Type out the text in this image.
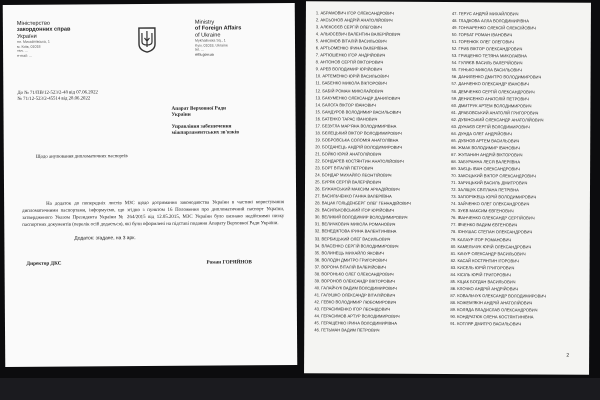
Міністерство
закордонних справ
України
пл. Михайлівська, 1
м. Київ, 01018
тел. ...
e-mail: ...
Ministry
of Foreign Affairs
of Ukraine
Mykhailivska Sq., 1
Kyiv, 01018, Ukraine
tel. ...
mfa.gov.ua
До № 71/ПВ/12-523/2-48 від 07.06.2022
№ 71/12-523/2-45514 від 28.06.2022
Апарат Верховної Ради
України
Управління забезпечення
міжпарламентських зв'язків
Щодо анулювання дипломатичних паспортів

На додаток до попередніх листів МЗС щодо дотримання законодавства України в частині користування дипломатичними паспортами, інформуємо, що згідно з пунктом 16 Положення про дипломатичний паспорт України, затвердженого Указом Президента України № 264/2015 від 12.05.2015, МЗС України було визнано недійсними низку паспортних документів (перелік осіб додається), які були оформлені на підставі подання Апарату Верховної Ради України.

Додаток: згадане, на 3 арк.
Директор ДКС	Роман ГОРЯЙНОВ
1. АБРАМОВИЧ ІГОР ОЛЕКСАНДРОВИЧ
2. АКСЬОНОВ АНДРІЙ АНАТОЛІЙОВИЧ
3. АЛЄКСЄЄВ СЕРГІЙ ОЛЕГОВИЧ
4. АЛЬЮСЕВИЧ ВАЛЕНТИН ВАЛЕРІЙОВИЧ
5. АНІСІМОВ ВІТАЛІЙ ВАСИЛЬОВИЧ
6. АРТЬОМЕНКО ІРИНА ВАЛЕРІЇВНА
7. АРТЮШЕНКО ІГОР АНДРІЙОВИЧ
8. АНТОНОВ СЕРГІЙ ВІКТОРОВИЧ
9. АРЕВ ВОЛОДИМИР ЮРІЙОВИЧ
10. АРТЕМЕНКО ЮРІЙ ВАСИЛЬОВИЧ
11. БАБЕНКО МИКОЛА ВІКТОРОВИЧ
12. БАБІЙ РОМАН МИКОЛАЙОВИЧ
13. БАКУМЕНКО ОЛЕКСАНДР ДАНИЛОВИЧ
14. БАЛОГА ВІКТОР ІВАНОВИЧ
15. БАНДУРОВ ВОЛОДИМИР ВАСИЛЬОВИЧ
16. БАТЕНКО ТАРАС ІВАНОВИЧ
17. БЕЗУГЛА МАР'ЯНА ВОЛОДИМИРІВНА
18. БЄЛЕЦЬКИЙ ВІКТОР ВОЛОДИМИРОВИЧ
19. БОБРОВСЬКА СОЛОМІЯ АНАТОЛІЇВНА
20. БОГДАНЕЦЬ АНДРІЙ ВОЛОДИМИРОВИЧ
21. БОЙКО ЮРІЙ АНАТОЛІЙОВИЧ
22. БОНДАРЕВ КОСТЯНТИН АНАТОЛІЙОВИЧ
23. БОРТ ВІТАЛІЙ ПЕТРОВИЧ
24. БОНДАР МИХАЙЛО ЛЕОНТІЙОВИЧ
25. БУРЯК СЕРГІЙ ВАЛЕРІЙОВИЧ
26. БУЖАНСЬКИЙ МАКСИМ АРКАДІЙОВИЧ
27. ВАСИЛЬЧЕНКО ГАННА ВАЛЕРІЇВНА
28. ВАЦАК ГОЛЬДЕНБЕРГ ОЛЕГ ГЕННАДІЙОВИЧ
29. ВАСИЛЬКОВСЬКИЙ ІГОР ЮРІЙОВИЧ
30. ВЕЛИКИЙ ВОЛОДИМИР ВОЛОДИМИРОВИЧ
31. ВЕЛИЧКОВИЧ МИКОЛА РОМАНОВИЧ
32. ВЕНЕДІКТОВА ІРИНА ВАЛЕНТИНІВНА
33. ВЕРБИЦЬКИЙ ОЛЕГ ВАСИЛЬОВИЧ
34. ВЛАСЕНКО СЕРГІЙ ВОЛОДИМИРОВИЧ
35. ВОЛИНЕЦЬ МИХАЙЛО ЯКОВИЧ
36. ВОЛОДІН ДМИТРО ГРИГОРОВИЧ
37. ВОРОНА ВІТАЛІЙ ВАЛЕРІЙОВИЧ
38. ВОРОНЬКО ОЛЕГ ОЛЕКСАНДРОВИЧ
39. ВОРОНОВ ОЛЕКСАНДР ВІКТОРОВИЧ
40. ГАЛАЙЧУК ВАДИМ ВОЛОДИМИРОВИЧ
41. ГАЛУШКО ОЛЕКСАНДР ВІТАЛІЙОВИЧ
42. ГЕВКО ВОЛОДИМИР ЛЮБОМИРОВИЧ
43. ГЕРАСИМЕНКО ІГОР ЛЕОНІДОВИЧ
44. ГЕРАСИМОВ АРТУР ВОЛОДИМИРОВИЧ
45. ГЕРАЩЕНКО ІРИНА ВОЛОДИМИРІВНА
46. ГЕТЬМАН ВАДИМ ПЕТРОВИЧ
47. ГЕРУС АНДРІЙ МИХАЙЛОВИЧ
48. ГЛАДКОВА АЛЛА ВОЛОДИМИРІВНА
49. ГОНЧАРЕНКО ОЛЕКСІЙ ОЛЕКСІЙОВИЧ
50. ГОРБАТ РОМАН ІВАНОВИЧ
51. ГОРЕНЮК ОЛЕГ ОЛЕГОВИЧ
52. ГРИБ ВІКТОР ОЛЕКСАНДРОВИЧ
53. ГРИЩЕНКО ТЕТЯНА МИКОЛАЇВНА
54. ГУЛЯЄВ ВАСИЛЬ ВАЛЕРІЙОВИЧ
55. ГУНЬКО МИКОЛА ВАСИЛЬОВИЧ
56. ДАНИЛЕНКО ДМИТРО ВОЛОДИМИРОВИЧ
57. ДАНЧЕНКО ОЛЕКСАНДР ІВАНОВИЧ
58. ДЕМЧЕНКО СЕРГІЙ ОЛЕКСАНДРОВИЧ
59. ДЕНИСЕНКО АНАТОЛІЙ ПЕТРОВИЧ
60. ДМИТРУК АРТЕМ ВОЛОДИМИРОВИЧ
61. ДРАБОВСЬКИЙ АНАТОЛІЙ ГРИГОРОВИЧ
62. ДУБІНСЬКИЙ ОЛЕКСАНДР АНАТОЛІЙОВИЧ
63. ДУНАЄВ СЕРГІЙ ВОЛОДИМИРОВИЧ
64. ДУНДА ОЛЕГ АНДРІЙОВИЧ
65. ДУБНОВ АРТЕМ ВАСИЛЬОВИЧ
66. ЖМАК ВОЛОДИМИР ІВАНОВИЧ
67. ЖУПАНИН АНДРІЙ ВІКТОРОВИЧ
68. ЗАБУРАННА ЛЕСЯ ВАЛЕРІЇВНА
69. ЗАЄЦЬ ІВАН ОЛЕКСАНДРОВИЧ
70. ЗАКОЦЬКИЙ ВІКТОР ОЛЕКСАНДРОВИЧ
71. ЗАРИЦЬКИЙ ВАСИЛЬ ДМИТРОВИЧ
72. ЗАЛІЩУК СВІТЛАНА ПЕТРІВНА
73. ЗАПОРІЖЕЦЬ ЮРІЙ ВОЛОДИМИРОВИЧ
74. ЗАЙЧЕНКО ОЛЕГ ОЛЕКСАНДРОВИЧ
75. ЗУЄВ МАКСИМ ЄВГЕНОВИЧ
76. ІВАНЧЕНКО ОЛЕКСАНДР СЕРГІЙОВИЧ
77. ІВЧЕНКО ВАДИМ ЄВГЕНОВИЧ
78. ІОНУШАС СТЕПАН ОЛЕКСАНДРОВИЧ
79. КАЛАУР ІГОР РОМАНОВИЧ
80. КАМЕЛЬЧУК ЮРІЙ ОЛЕКСАНДРОВИЧ
81. КАЧУР ОЛЕКСАНДР ВАСИЛЬОВИЧ
82. КАСАЙ КОСТЯНТИН ІГОРОВИЧ
83. КИСЕЛЬ ЮРІЙ ГРИГОРОВИЧ
84. КІСІЛЬ ЮРІЙ ГРИГОРОВИЧ
85. КІЦАК БОГДАН ВАСИЛЬОВИЧ
86. КЛОЧКО АНДРІЙ АНДРІЙОВИЧ
87. КОВАЛЬЧУК ОЛЕКСАНДР ВОЛОДИМИРОВИЧ
88. КОЖЕМ'ЯКІН АНДРІЙ АНАТОЛІЙОВИЧ
89. КОЛЯДА ВЛАДИСЛАВ ОЛЕКСАНДРОВИЧ
90. КОНДРАТЮК ОЛЕНА КОСТЯНТИНІВНА
91. КОТЛЯР ДМИТРО ВАСИЛЬОВИЧ
2
